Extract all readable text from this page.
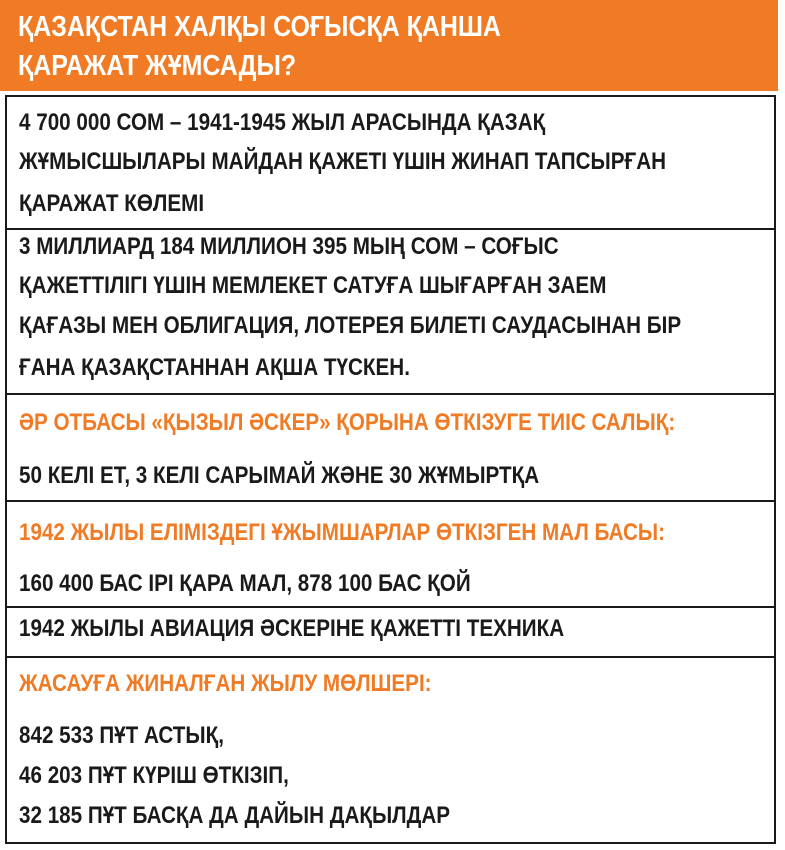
ҚАЗАҚСТАН ХАЛҚЫ СОҒЫСҚА ҚАНША
ҚАРАЖАТ ЖҰМСАДЫ?
4 700 000 СОМ – 1941-1945 ЖЫЛ АРАСЫНДА ҚАЗАҚ
ЖҰМЫСШЫЛАРЫ МАЙДАН ҚАЖЕТІ ҮШІН ЖИНАП ТАПСЫРҒАН
ҚАРАЖАТ КӨЛЕМІ
3 МИЛЛИАРД 184 МИЛЛИОН 395 МЫҢ СОМ – СОҒЫС
ҚАЖЕТТІЛІГІ ҮШІН МЕМЛЕКЕТ САТУҒА ШЫҒАРҒАН ЗАЕМ
ҚАҒАЗЫ МЕН ОБЛИГАЦИЯ, ЛОТЕРЕЯ БИЛЕТІ САУДАСЫНАН БІР
ҒАНА ҚАЗАҚСТАННАН АҚША ТҮСКЕН.
ӘР ОТБАСЫ «ҚЫЗЫЛ ӘСКЕР» ҚОРЫНА ӨТКІЗУГЕ ТИІС САЛЫҚ:
50 КЕЛІ ЕТ, 3 КЕЛІ САРЫМАЙ ЖӘНЕ 30 ЖҰМЫРТҚА
1942 ЖЫЛЫ ЕЛІМІЗДЕГІ ҰЖЫМШАРЛАР ӨТКІЗГЕН МАЛ БАСЫ:
160 400 БАС ІРІ ҚАРА МАЛ, 878 100 БАС ҚОЙ
1942 ЖЫЛЫ АВИАЦИЯ ӘСКЕРІНЕ ҚАЖЕТТІ ТЕХНИКА
ЖАСАУҒА ЖИНАЛҒАН ЖЫЛУ МӨЛШЕРІ:
842 533 ПҰТ АСТЫҚ,
46 203 ПҰТ КҮРІШ ӨТКІЗІП,
32 185 ПҰТ БАСҚА ДА ДАЙЫН ДАҚЫЛДАР
